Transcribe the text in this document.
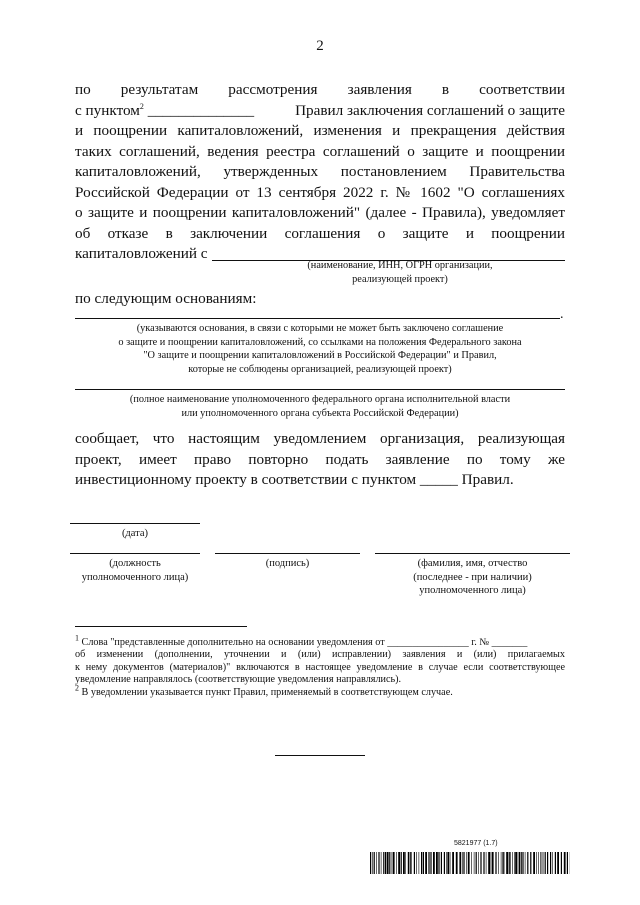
2
по результатам рассмотрения заявления в соответствии
с пунктом$^2$ ______________	Правил заключения соглашений о защите
и поощрении капиталовложений, изменения и прекращения действия
таких соглашений, ведения реестра соглашений о защите и поощрении
капиталовложений, утвержденных постановлением Правительства
Российской Федерации от 13 сентября 2022 г. № 1602 "О соглашениях
о защите и поощрении капиталовложений" (далее - Правила), уведомляет
об отказе в заключении соглашения о защите и поощрении
капиталовложений с
(наименование, ИНН, ОГРН организации,
реализующей проект)
по следующим основаниям:
.
(указываются основания, в связи с которыми не может быть заключено соглашение
о защите и поощрении капиталовложений, со ссылками на положения Федерального закона
"О защите и поощрении капиталовложений в Российской Федерации" и Правил,
которые не соблюдены организацией, реализующей проект)
(полное наименование уполномоченного федерального органа исполнительной власти
или уполномоченного органа субъекта Российской Федерации)
сообщает, что настоящим уведомлением организация, реализующая
проект, имеет право повторно подать заявление по тому же
инвестиционному проекту в соответствии с пунктом _____ Правил.
(дата)
(должность
уполномоченного лица)
(подпись)	(фамилия, имя, отчество
(последнее - при наличии)
уполномоченного лица)
$^1$ Слова "представленные дополнительно на основании уведомления от ________________ г. № _______
об изменении (дополнении, уточнении и (или) исправлении) заявления и (или) прилагаемых
к нему документов (материалов)" включаются в настоящее уведомление в случае если соответствующее
уведомление направлялось (соответствующие уведомления направлялись).
$^2$ В уведомлении указывается пункт Правил, применяемый в соответствующем случае.
5821977 (1.7)
